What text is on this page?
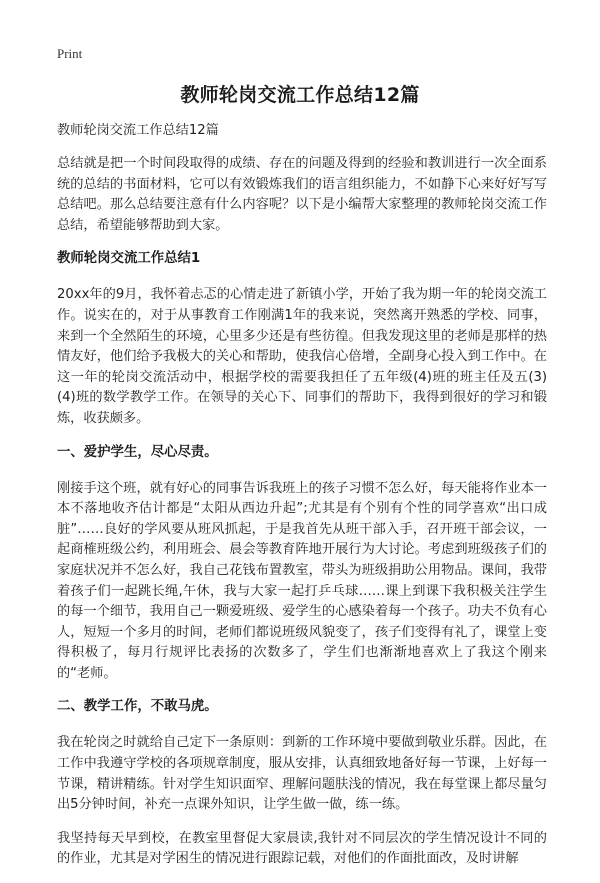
Print
教师轮岗交流工作总结12篇
教师轮岗交流工作总结12篇

总结就是把一个时间段取得的成绩、存在的问题及得到的经验和教训进行一次全面系统的总结的书面材料，它可以有效锻炼我们的语言组织能力，不如静下心来好好写写总结吧。那么总结要注意有什么内容呢？以下是小编帮大家整理的教师轮岗交流工作总结，希望能够帮助到大家。

教师轮岗交流工作总结1

20xx年的9月，我怀着忐忑的心情走进了新镇小学，开始了我为期一年的轮岗交流工作。说实在的，对于从事教育工作刚满1年的我来说，突然离开熟悉的学校、同事，来到一个全然陌生的环境，心里多少还是有些彷徨。但我发现这里的老师是那样的热情友好，他们给予我极大的关心和帮助，使我信心倍增，全副身心投入到工作中。在这一年的轮岗交流活动中，根据学校的需要我担任了五年级(4)班的班主任及五(3)(4)班的数学教学工作。在领导的关心下、同事们的帮助下，我得到很好的学习和锻炼，收获颇多。

一、爱护学生，尽心尽责。

刚接手这个班，就有好心的同事告诉我班上的孩子习惯不怎么好，每天能将作业本一本不落地收齐估计都是“太阳从西边升起”;尤其是有个别有个性的同学喜欢“出口成脏”……良好的学风要从班风抓起，于是我首先从班干部入手，召开班干部会议，一起商榷班级公约，利用班会、晨会等教育阵地开展行为大讨论。考虑到班级孩子们的家庭状况并不怎么好，我自己花钱布置教室，带头为班级捐助公用物品。课间，我带着孩子们一起跳长绳,午休，我与大家一起打乒乓球……课上到课下我积极关注学生的每一个细节，我用自己一颗爱班级、爱学生的心感染着每一个孩子。功夫不负有心人，短短一个多月的时间，老师们都说班级风貌变了，孩子们变得有礼了，课堂上变得积极了，每月行规评比表扬的次数多了，学生们也渐渐地喜欢上了我这个刚来的“老师。

二、教学工作，不敢马虎。

我在轮岗之时就给自己定下一条原则：到新的工作环境中要做到敬业乐群。因此，在工作中我遵守学校的各项规章制度，服从安排，认真细致地备好每一节课，上好每一节课，精讲精练。针对学生知识面窄、理解问题肤浅的情况，我在每堂课上都尽量匀出5分钟时间，补充一点课外知识，让学生做一做，练一练。

我坚持每天早到校，在教室里督促大家晨读,我针对不同层次的学生情况设计不同的的作业，尤其是对学困生的情况进行跟踪记载，对他们的作面批面改，及时讲解
